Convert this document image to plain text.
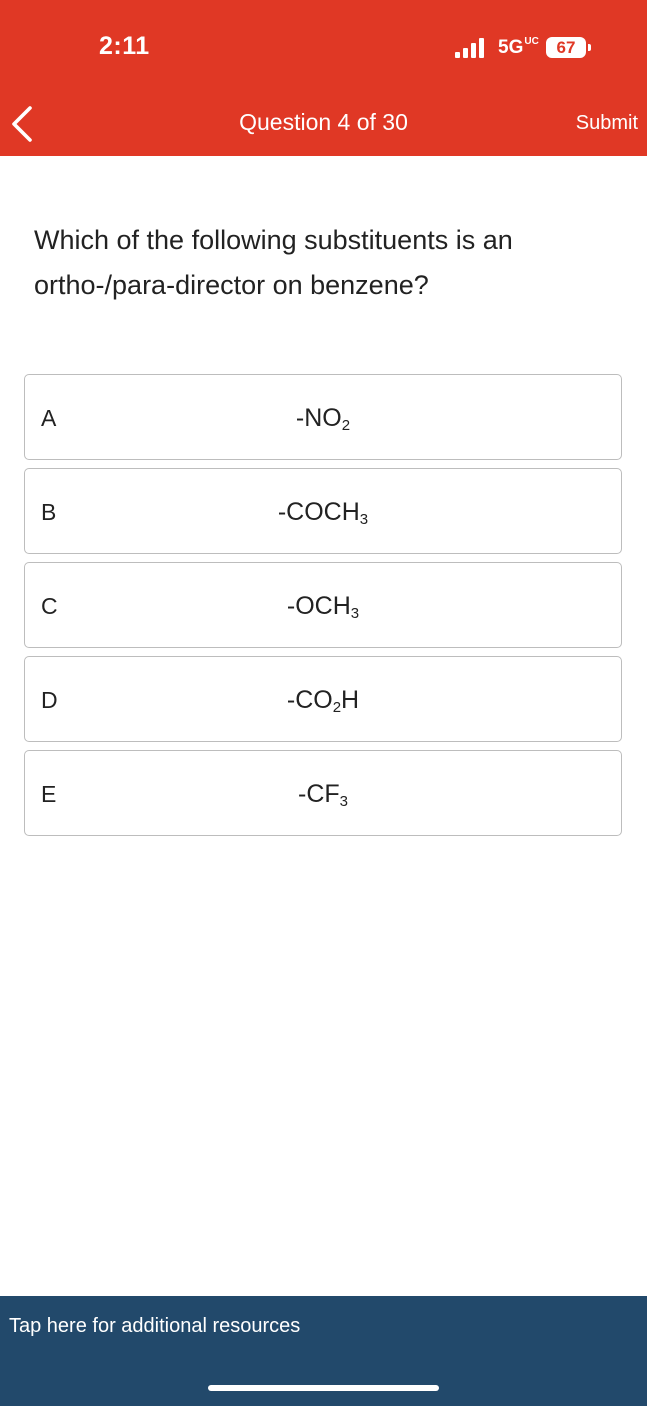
2:11	5GUC	67
Question 4 of 30	Submit
Which of the following substituents is an ortho-/para-director on benzene?
A	$-NO_2$
B	$-COCH_3$
C	$-OCH_3$
D	$-CO_2H$
E	$-CF_3$
Tap here for additional resources
